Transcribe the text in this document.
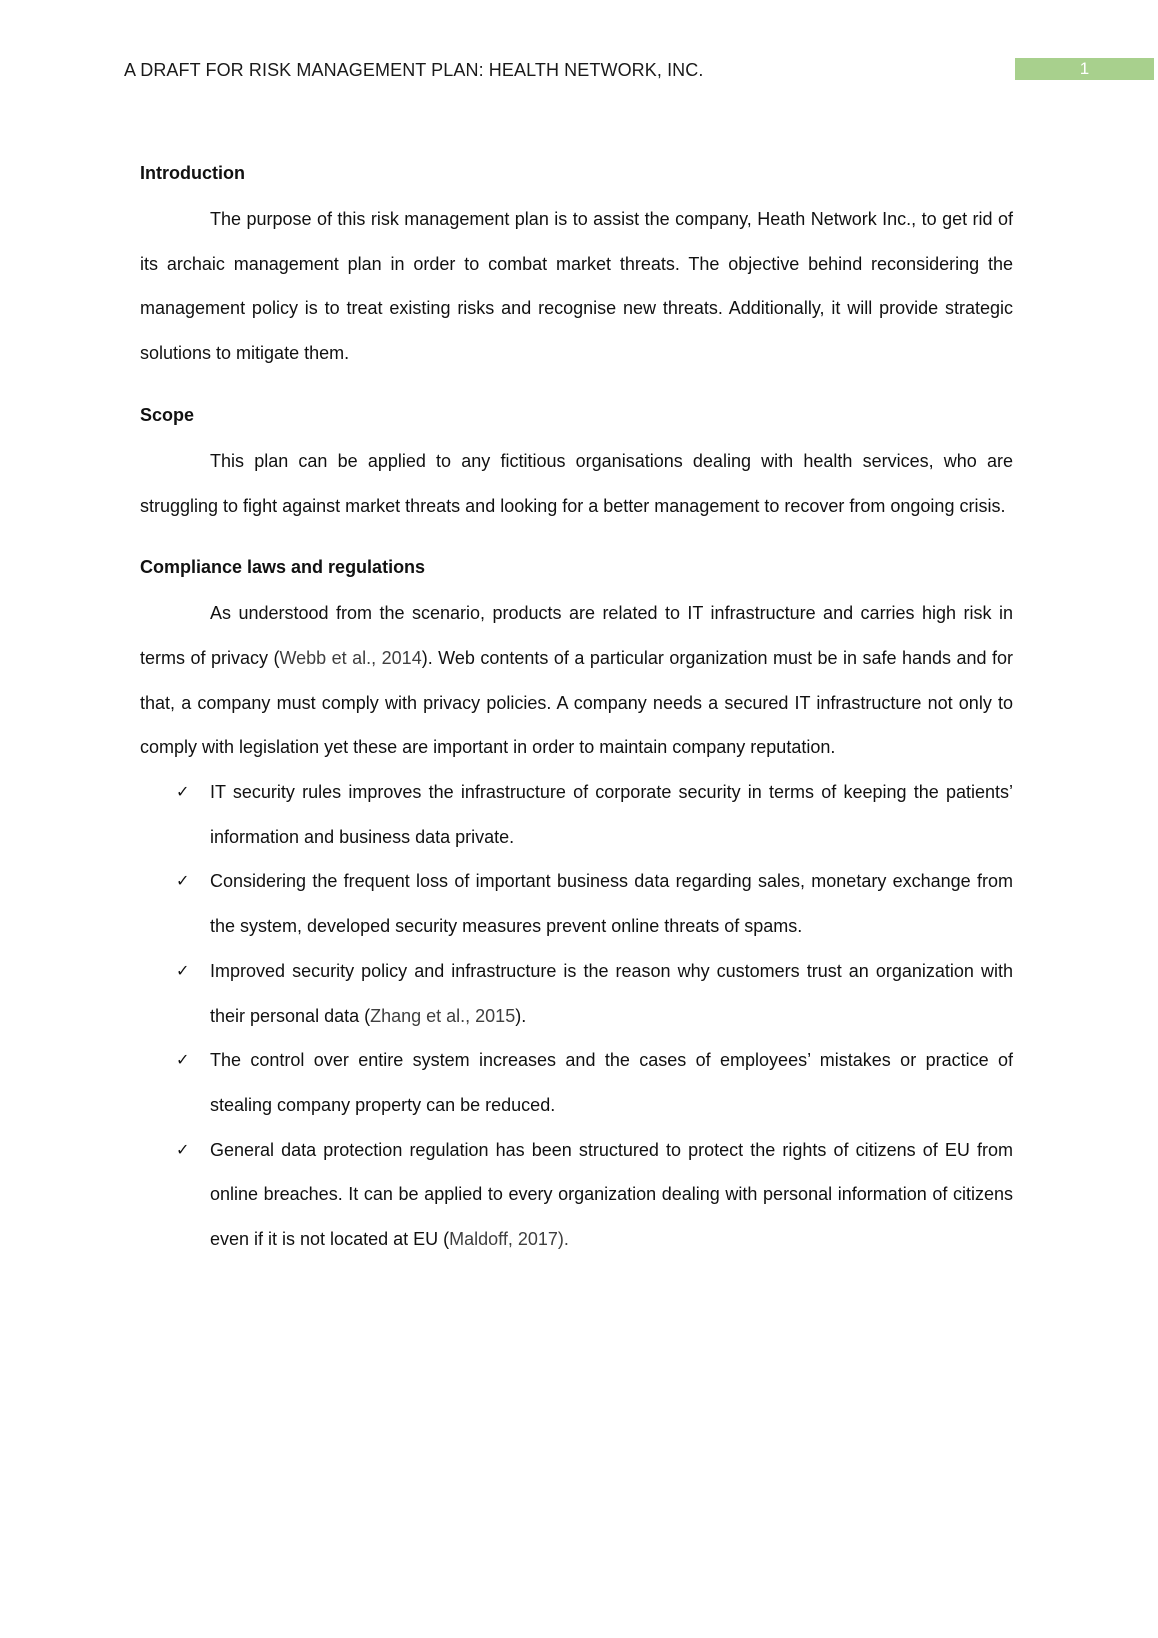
A DRAFT FOR RISK MANAGEMENT PLAN: HEALTH NETWORK, INC.	1
Introduction

The purpose of this risk management plan is to assist the company, Heath Network Inc., to get rid of its archaic management plan in order to combat market threats. The objective behind reconsidering the management policy is to treat existing risks and recognise new threats. Additionally, it will provide strategic solutions to mitigate them.

Scope

This plan can be applied to any fictitious organisations dealing with health services, who are struggling to fight against market threats and looking for a better management to recover from ongoing crisis.

Compliance laws and regulations

As understood from the scenario, products are related to IT infrastructure and carries high risk in terms of privacy (Webb et al., 2014). Web contents of a particular organization must be in safe hands and for that, a company must comply with privacy policies. A company needs a secured IT infrastructure not only to comply with legislation yet these are important in order to maintain company reputation.

✓ IT security rules improves the infrastructure of corporate security in terms of keeping the patients’ information and business data private.
✓ Considering the frequent loss of important business data regarding sales, monetary exchange from the system, developed security measures prevent online threats of spams.
✓ Improved security policy and infrastructure is the reason why customers trust an organization with their personal data (Zhang et al., 2015).
✓ The control over entire system increases and the cases of employees’ mistakes or practice of stealing company property can be reduced.
✓ General data protection regulation has been structured to protect the rights of citizens of EU from online breaches. It can be applied to every organization dealing with personal information of citizens even if it is not located at EU (Maldoff, 2017).
